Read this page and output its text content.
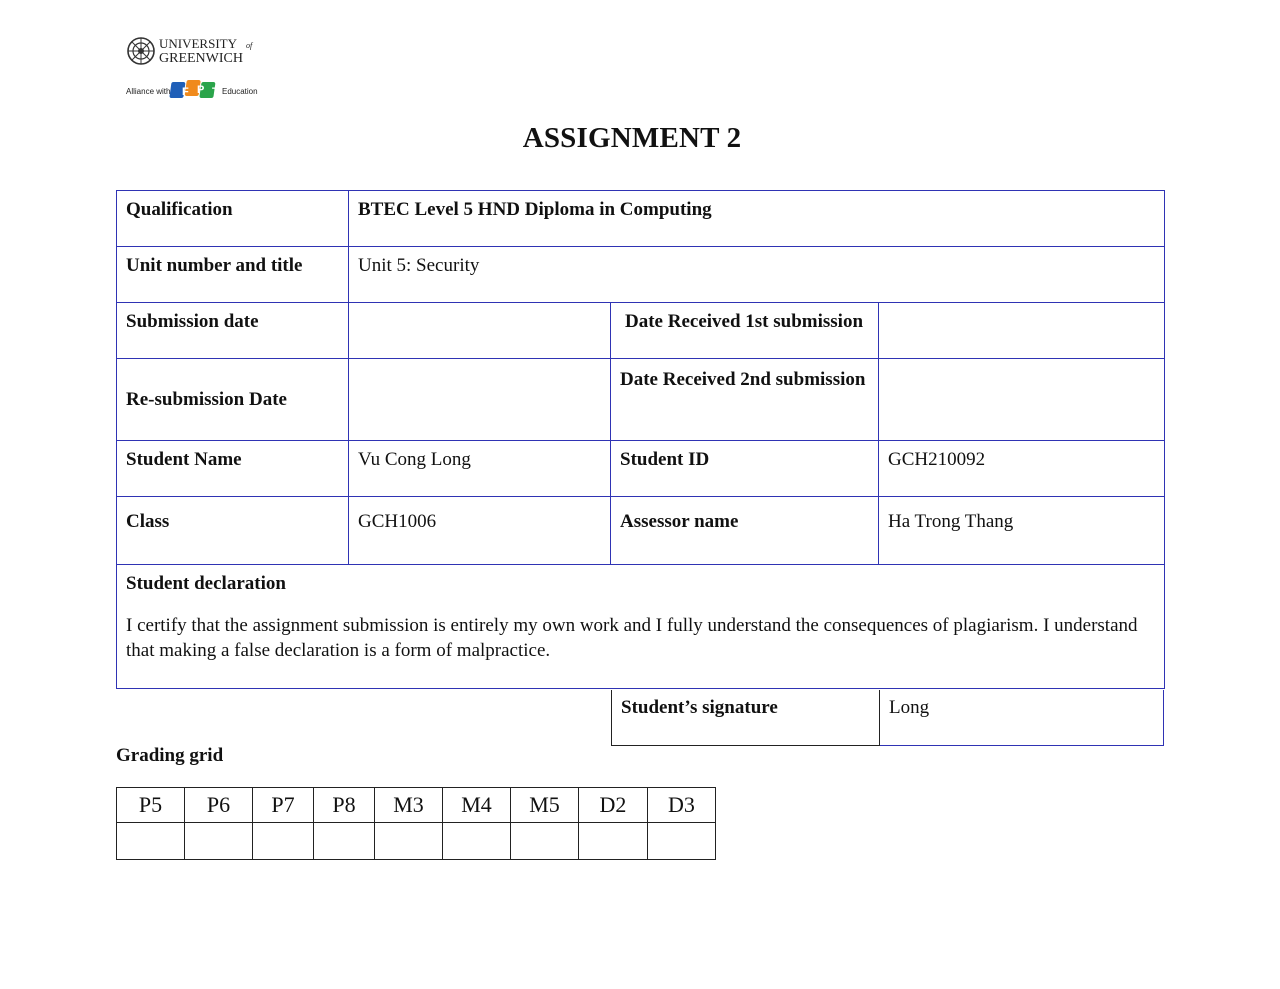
UNIVERSITY of
GREENWICH
Alliance with F P T Education
ASSIGNMENT 2
Qualification	BTEC Level 5 HND Diploma in Computing		
Unit number and title	Unit 5: Security		
Submission date		Date Received 1st submission	
Re-submission Date		Date Received 2nd submission	
Student Name	Vu Cong Long	Student ID	GCH210092
Class	GCH1006	Assessor name	Ha Trong Thang

Student declaration
I certify that the assignment submission is entirely my own work and I fully understand the consequences of plagiarism. I understand that making a false declaration is a form of malpractice.			
Student’s signature	Long
Grading grid
P5	P6	P7	P8	M3	M4	M5	D2	D3
